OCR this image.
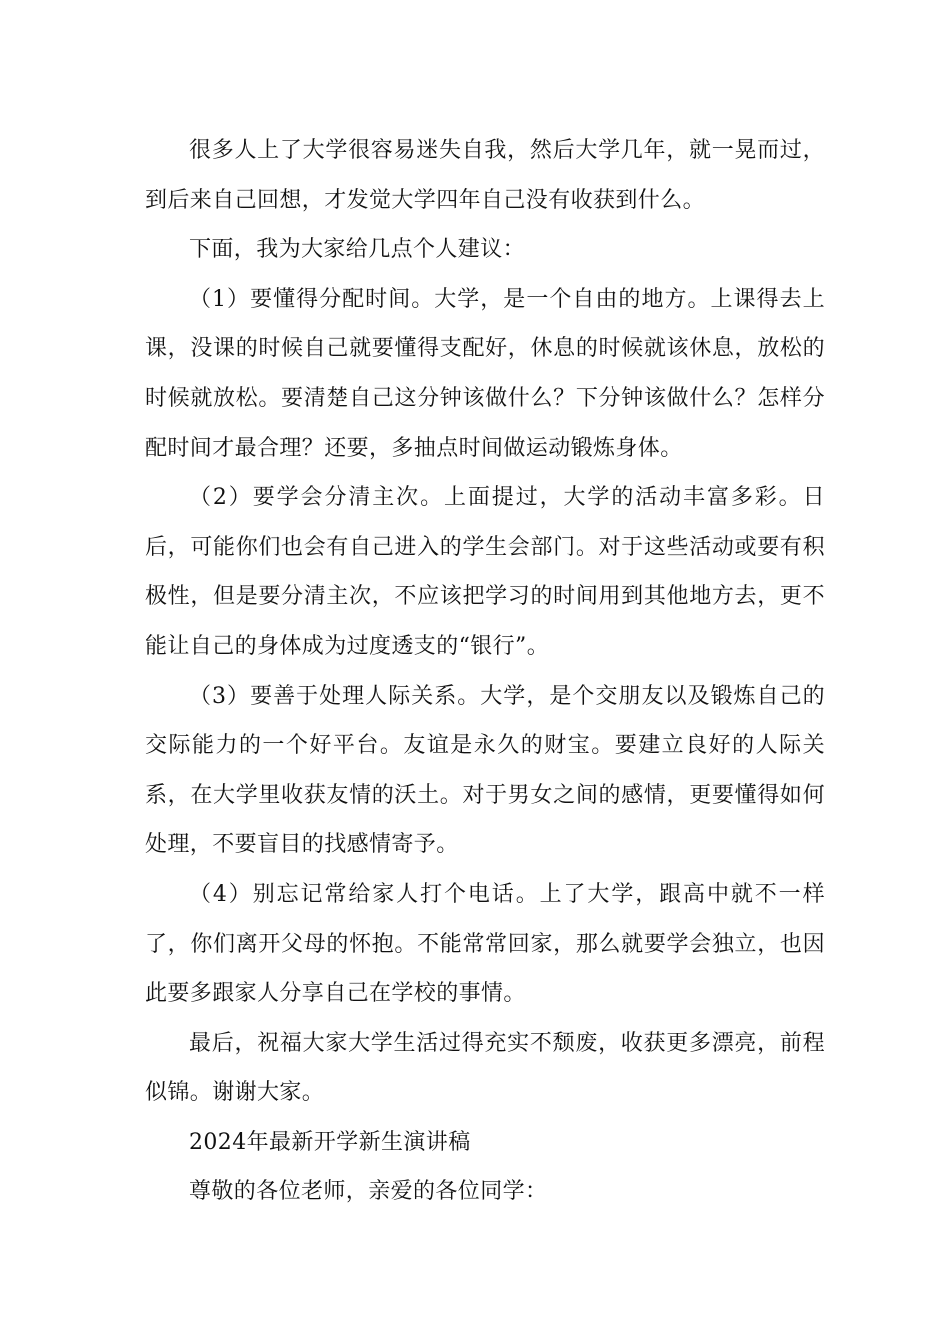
很多人上了大学很容易迷失自我，然后大学几年，就一晃而过，到后来自己回想，才发觉大学四年自己没有收获到什么。

下面，我为大家给几点个人建议：

（1）要懂得分配时间。大学，是一个自由的地方。上课得去上课，没课的时候自己就要懂得支配好，休息的时候就该休息，放松的时候就放松。要清楚自己这分钟该做什么？下分钟该做什么？怎样分配时间才最合理？还要，多抽点时间做运动锻炼身体。

（2）要学会分清主次。上面提过，大学的活动丰富多彩。日后，可能你们也会有自己进入的学生会部门。对于这些活动或要有积极性，但是要分清主次，不应该把学习的时间用到其他地方去，更不能让自己的身体成为过度透支的“银行”。

（3）要善于处理人际关系。大学，是个交朋友以及锻炼自己的交际能力的一个好平台。友谊是永久的财宝。要建立良好的人际关系，在大学里收获友情的沃土。对于男女之间的感情，更要懂得如何处理，不要盲目的找感情寄予。

（4）别忘记常给家人打个电话。上了大学，跟高中就不一样了，你们离开父母的怀抱。不能常常回家，那么就要学会独立，也因此要多跟家人分享自己在学校的事情。

最后，祝福大家大学生活过得充实不颓废，收获更多漂亮，前程似锦。谢谢大家。

2024年最新开学新生演讲稿

尊敬的各位老师，亲爱的各位同学：
